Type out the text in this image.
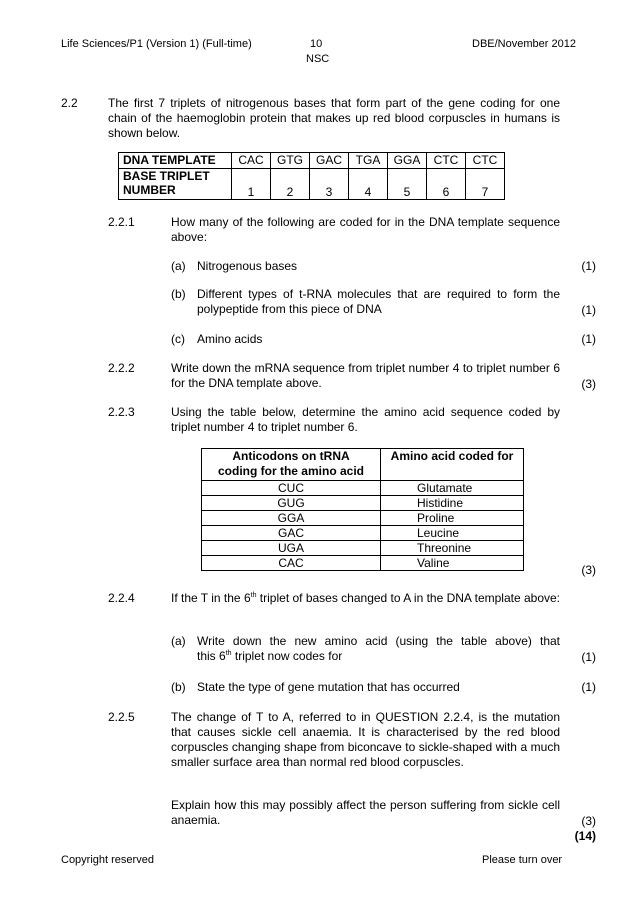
Life Sciences/P1 (Version 1) (Full-time)	10
NSC
DBE/November 2012
2.2	The first 7 triplets of nitrogenous bases that form part of the gene coding for one chain of the haemoglobin protein that makes up red blood corpuscles in humans is shown below.
DNA TEMPLATE	CAC	GTG	GAC	TGA	GGA	CTC	CTC
BASE TRIPLET
NUMBER	1	2	3	4	5	6	7
2.2.1	How many of the following are coded for in the DNA template sequence above:
(a) Nitrogenous bases	(1)
(b) Different types of t-RNA molecules that are required to form the polypeptide from this piece of DNA	(1)
(c) Amino acids	(1)
2.2.2	Write down the mRNA sequence from triplet number 4 to triplet number 6 for the DNA template above.	(3)
2.2.3	Using the table below, determine the amino acid sequence coded by triplet number 4 to triplet number 6.
Anticodons on tRNA
coding for the amino acid	Amino acid coded for
CUC	Glutamate
GUG	Histidine
GGA	Proline
GAC	Leucine
UGA	Threonine
CAC	Valine	(3)
2.2.4	If the T in the 6th triplet of bases changed to A in the DNA template above:
(a) Write down the new amino acid (using the table above) that
this 6th triplet now codes for	(1)
(b) State the type of gene mutation that has occurred	(1)
2.2.5	The change of T to A, referred to in QUESTION 2.2.4, is the mutation that causes sickle cell anaemia. It is characterised by the red blood corpuscles changing shape from biconcave to sickle-shaped with a much smaller surface area than normal red blood corpuscles.
Explain how this may possibly affect the person suffering from sickle cell anaemia.	(3)
(14)
Copyright reserved	Please turn over
